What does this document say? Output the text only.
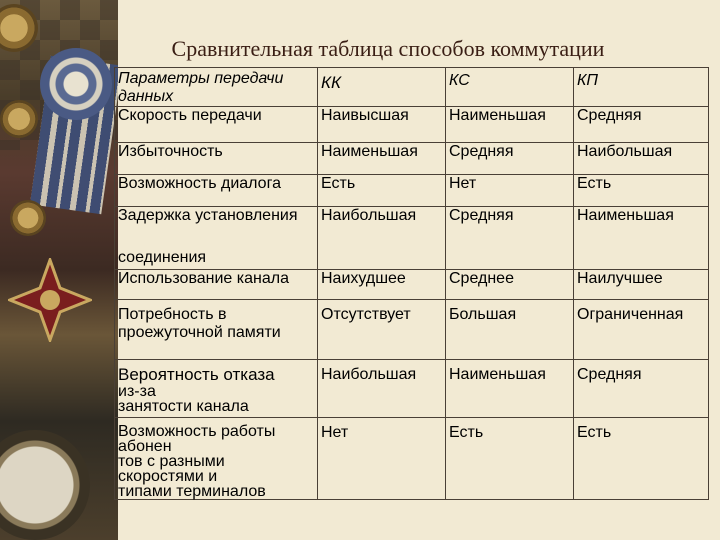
Сравнительная таблица способов коммутации
Параметры передачи
данных	КК	КС	КП
Скорость передачи	Наивысшая	Наименьшая	Средняя
Избыточность	Наименьшая	Средняя	Наибольшая
Возможность диалога	Есть	Нет	Есть
Задержка установления
соединения	Наибольшая	Средняя	Наименьшая
Использование канала	Наихудшее	Среднее	Наилучшее
Потребность в
проежуточной памяти	Отсутствует	Большая	Ограниченная

Вероятность отказа
из-за
занятости канала	Наибольшая	Наименьшая	Средняя

Возможность работы
абонен
тов с разными
скоростями и
типами терминалов	Нет	Есть	Есть
